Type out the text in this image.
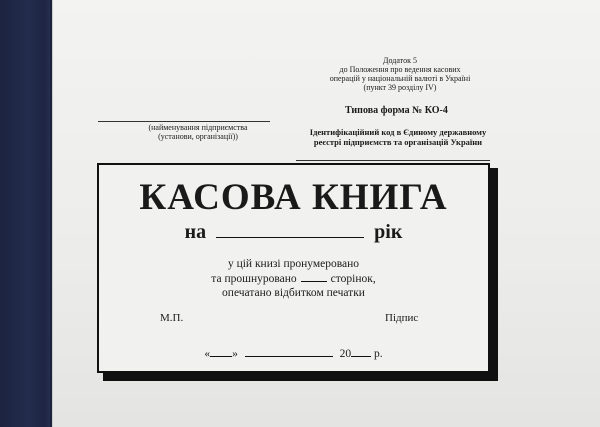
Додаток 5
до Положення про ведення касових
операцій у національній валюті в Україні
(пункт 39 розділу IV)
Типова форма № КО-4
(найменування підприємства
(установи, організації))	Ідентифікаційний код в Єдиному державному
реєстрі підприємств та організацій України
КАСОВА КНИГА
на	рік
у цій книзі пронумеровано
та прошнуровано	сторінок,
опечатано відбитком печатки
М.П.	Підпис
« »	20 р.
